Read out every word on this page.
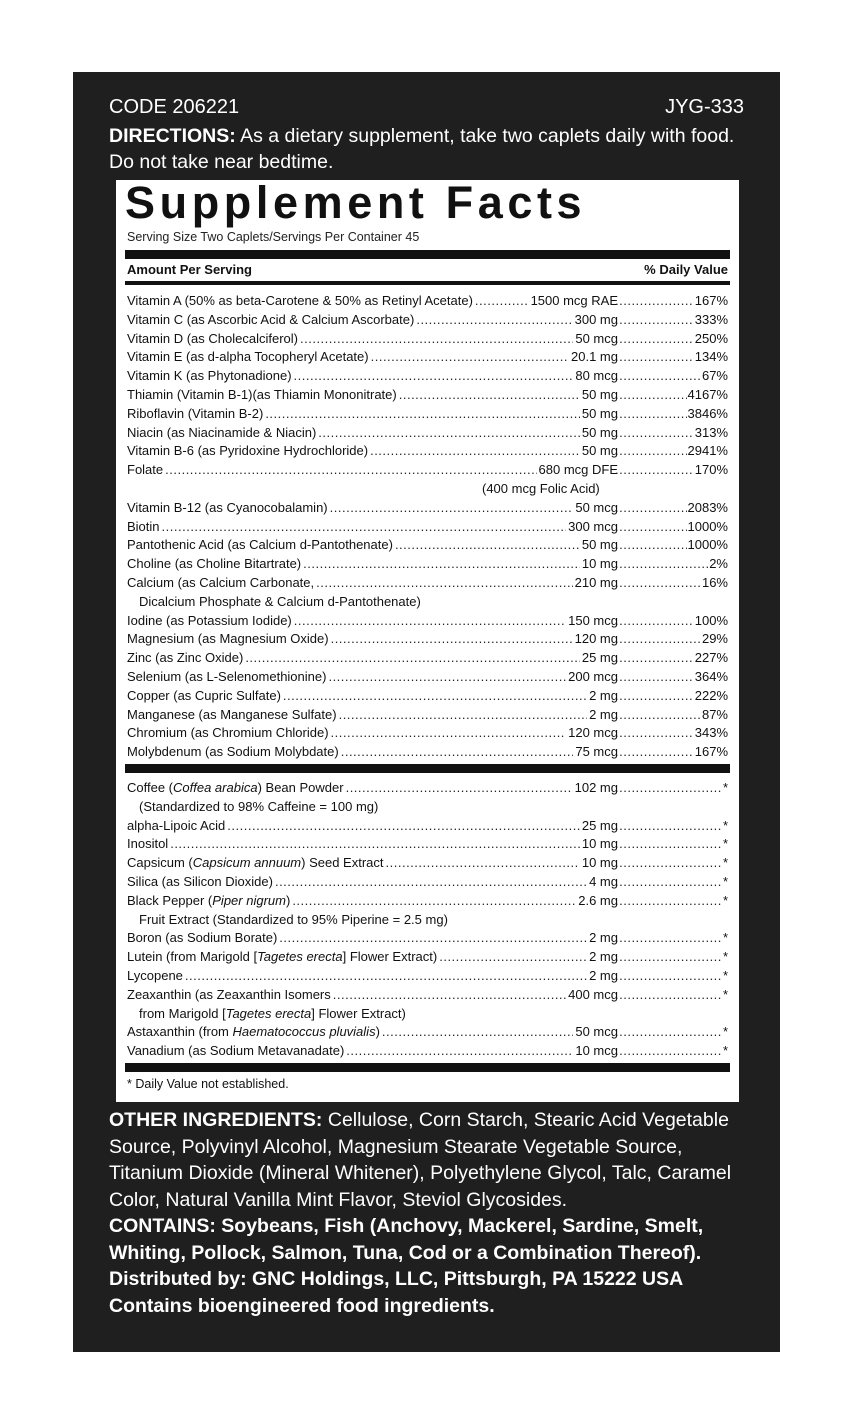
CODE 206221	JYG-333
DIRECTIONS: As a dietary supplement, take two caplets daily with food. Do not take near bedtime.
Supplement Facts
Serving Size Two Caplets/Servings Per Container 45
Amount Per Serving	% Daily Value
Vitamin A (50% as beta-Carotene & 50% as Retinyl Acetate) .....	1500 mcg RAE	..... 167%
Vitamin C (as Ascorbic Acid & Calcium Ascorbate) .....	300 mg	..... 333%
Vitamin D (as Cholecalciferol) .....	50 mcg	..... 250%
Vitamin E (as d-alpha Tocopheryl Acetate) .....	20.1 mg	..... 134%
Vitamin K (as Phytonadione) .....	80 mcg	..... 67%
Thiamin (Vitamin B-1)(as Thiamin Mononitrate) .....	50 mg	..... 4167%
Riboflavin (Vitamin B-2) .....	50 mg	..... 3846%
Niacin (as Niacinamide & Niacin) .....	50 mg	..... 313%
Vitamin B-6 (as Pyridoxine Hydrochloride) .....	50 mg	..... 2941%
Folate .....	680 mcg DFE	..... 170%
(400 mcg Folic Acid)
Vitamin B-12 (as Cyanocobalamin) .....	50 mcg	..... 2083%
Biotin .....	300 mcg	..... 1000%
Pantothenic Acid (as Calcium d-Pantothenate) .....	50 mg	..... 1000%
Choline (as Choline Bitartrate) .....	10 mg	..... 2%
Calcium (as Calcium Carbonate, .....	210 mg	..... 16%
Dicalcium Phosphate & Calcium d-Pantothenate)
Iodine (as Potassium Iodide) .....	150 mcg	..... 100%
Magnesium (as Magnesium Oxide) .....	120 mg	..... 29%
Zinc (as Zinc Oxide) .....	25 mg	..... 227%
Selenium (as L-Selenomethionine) .....	200 mcg	..... 364%
Copper (as Cupric Sulfate) .....	2 mg	..... 222%
Manganese (as Manganese Sulfate) .....	2 mg	..... 87%
Chromium (as Chromium Chloride) .....	120 mcg	..... 343%
Molybdenum (as Sodium Molybdate) .....	75 mcg	..... 167%
Coffee (Coffea arabica) Bean Powder .....	102 mg	..... *
(Standardized to 98% Caffeine = 100 mg)
alpha-Lipoic Acid .....	25 mg	..... *
Inositol .....	10 mg	..... *
Capsicum (Capsicum annuum) Seed Extract .....	10 mg	..... *
Silica (as Silicon Dioxide) .....	4 mg	..... *
Black Pepper (Piper nigrum) .....	2.6 mg	..... *
Fruit Extract (Standardized to 95% Piperine = 2.5 mg)
Boron (as Sodium Borate) .....	2 mg	..... *
Lutein (from Marigold [Tagetes erecta] Flower Extract) .....	2 mg	..... *
Lycopene .....	2 mg	..... *
Zeaxanthin (as Zeaxanthin Isomers .....	400 mcg	..... *
from Marigold [Tagetes erecta] Flower Extract)
Astaxanthin (from Haematococcus pluvialis) .....	50 mcg	..... *
Vanadium (as Sodium Metavanadate) .....	10 mcg	..... *
* Daily Value not established.

OTHER INGREDIENTS: Cellulose, Corn Starch, Stearic Acid Vegetable Source, Polyvinyl Alcohol, Magnesium Stearate Vegetable Source, Titanium Dioxide (Mineral Whitener), Polyethylene Glycol, Talc, Caramel Color, Natural Vanilla Mint Flavor, Steviol Glycosides.

CONTAINS: Soybeans, Fish (Anchovy, Mackerel, Sardine, Smelt, Whiting, Pollock, Salmon, Tuna, Cod or a Combination Thereof).

Distributed by: GNC Holdings, LLC, Pittsburgh, PA 15222 USA

Contains bioengineered food ingredients.
